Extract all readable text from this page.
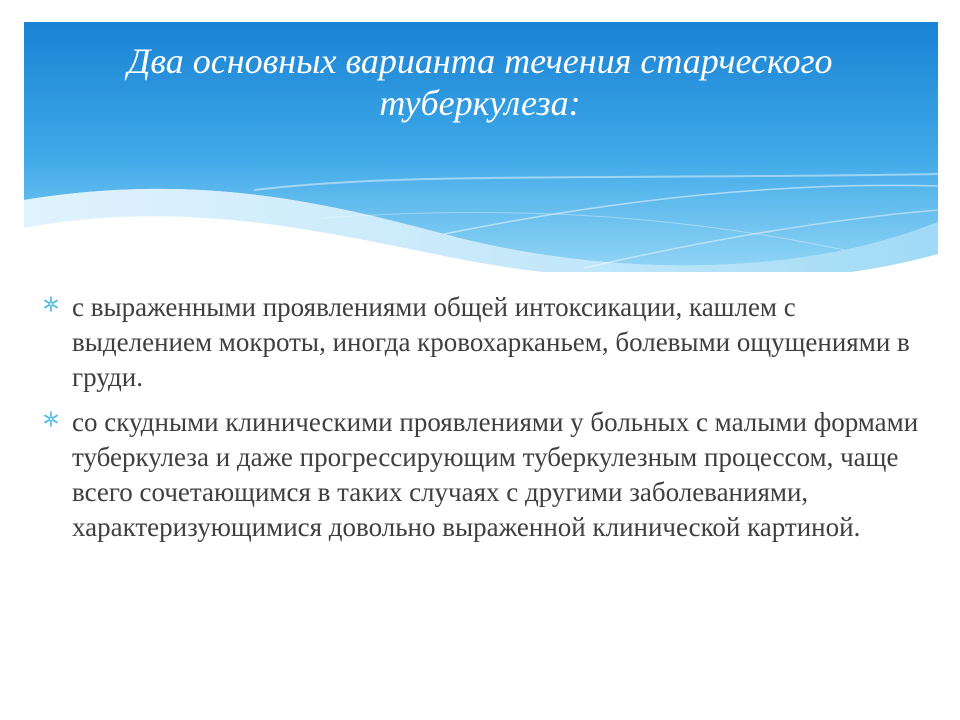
Два основных варианта течения старческого туберкулеза:
с выраженными проявлениями общей интоксикации, кашлем с выделением мокроты, иногда кровохарканьем, болевыми ощущениями в груди.
со скудными клиническими проявлениями у больных с малыми формами туберкулеза и даже прогрессирующим туберкулезным процессом, чаще всего сочетающимся в таких случаях с другими заболеваниями, характеризующимися довольно выраженной клинической картиной.
